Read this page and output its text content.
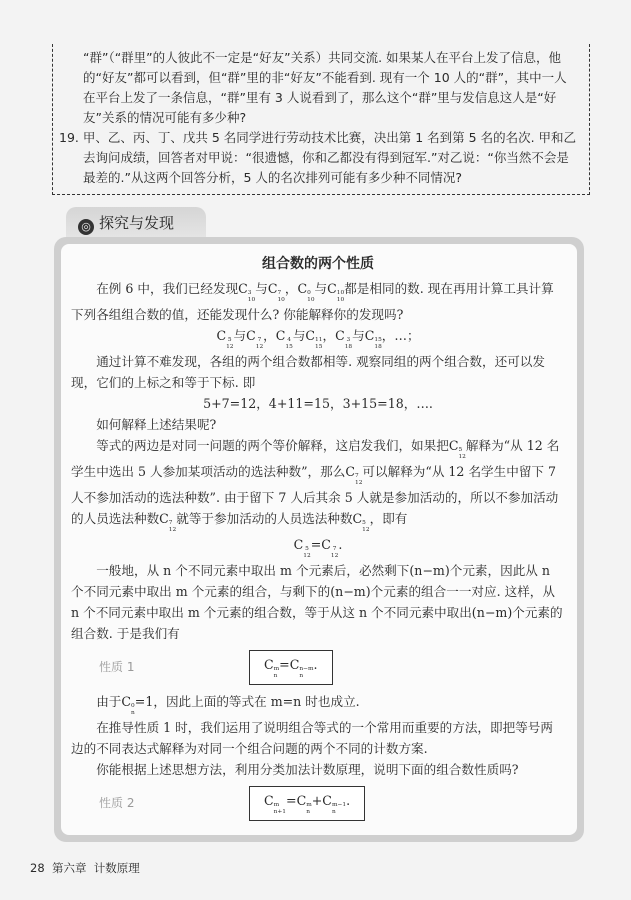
“群”（“群里”的人彼此不一定是“好友”关系）共同交流. 如果某人在平台上发了信息，他的“好友”都可以看到，但“群”里的非“好友”不能看到. 现有一个 10 人的“群”，其中一人在平台上发了一条信息，“群”里有 3 人说看到了，那么这个“群”里与发信息这人是“好友”关系的情况可能有多少种?

19. 甲、乙、丙、丁、戊共 5 名同学进行劳动技术比赛，决出第 1 名到第 5 名的名次. 甲和乙去询问成绩，回答者对甲说：“很遗憾，你和乙都没有得到冠军.”对乙说：“你当然不会是最差的.”从这两个回答分析，5 人的名次排列可能有多少种不同情况?

◎ 探究与发现
组合数的两个性质

在例 6 中，我们已经发现C 3
10
与C 7
10
，C 0
10
与C 10
10
都是相同的数. 现在再用计算工具计算下列各组组合数的值，还能发现什么? 你能解释你的发现吗?

C 5
12
与C 7
12
，C 4
15
与C 11
15
，C 3
18
与C 15
18
，…；

通过计算不难发现，各组的两个组合数都相等. 观察同组的两个组合数，还可以发现，它们的上标之和等于下标. 即

5+7=12，4+11=15，3+15=18，….

如何解释上述结果呢?

等式的两边是对同一问题的两个等价解释，这启发我们，如果把C 5
12
解释为“从 12 名学生中选出 5 人参加某项活动的选法种数”，那么C 7
12
可以解释为“从 12 名学生中留下 7 人不参加活动的选法种数”. 由于留下 7 人后其余 5 人就是参加活动的，所以不参加活动的人员选法种数C 7
12
就等于参加活动的人员选法种数C 5
12
，即有

C 5
12
=C 7
12
.

一般地，从 n 个不同元素中取出 m 个元素后，必然剩下(n−m)个元素，因此从 n 个不同元素中取出 m 个元素的组合，与剩下的(n−m)个元素的组合一一对应. 这样，从 n 个不同元素中取出 m 个元素的组合数，等于从这 n 个不同元素中取出(n−m)个元素的组合数. 于是我们有

性质 1	C m
n
=C n−m
n
.

由于C 0
n
=1，因此上面的等式在 m=n 时也成立.

在推导性质 1 时，我们运用了说明组合等式的一个常用而重要的方法，即把等号两边的不同表达式解释为对同一个组合问题的两个不同的计数方案.

你能根据上述思想方法，利用分类加法计数原理，说明下面的组合数性质吗?

性质 2	C m
n+1
=C m
n
+C m−1
n
.
28 第六章 计数原理
